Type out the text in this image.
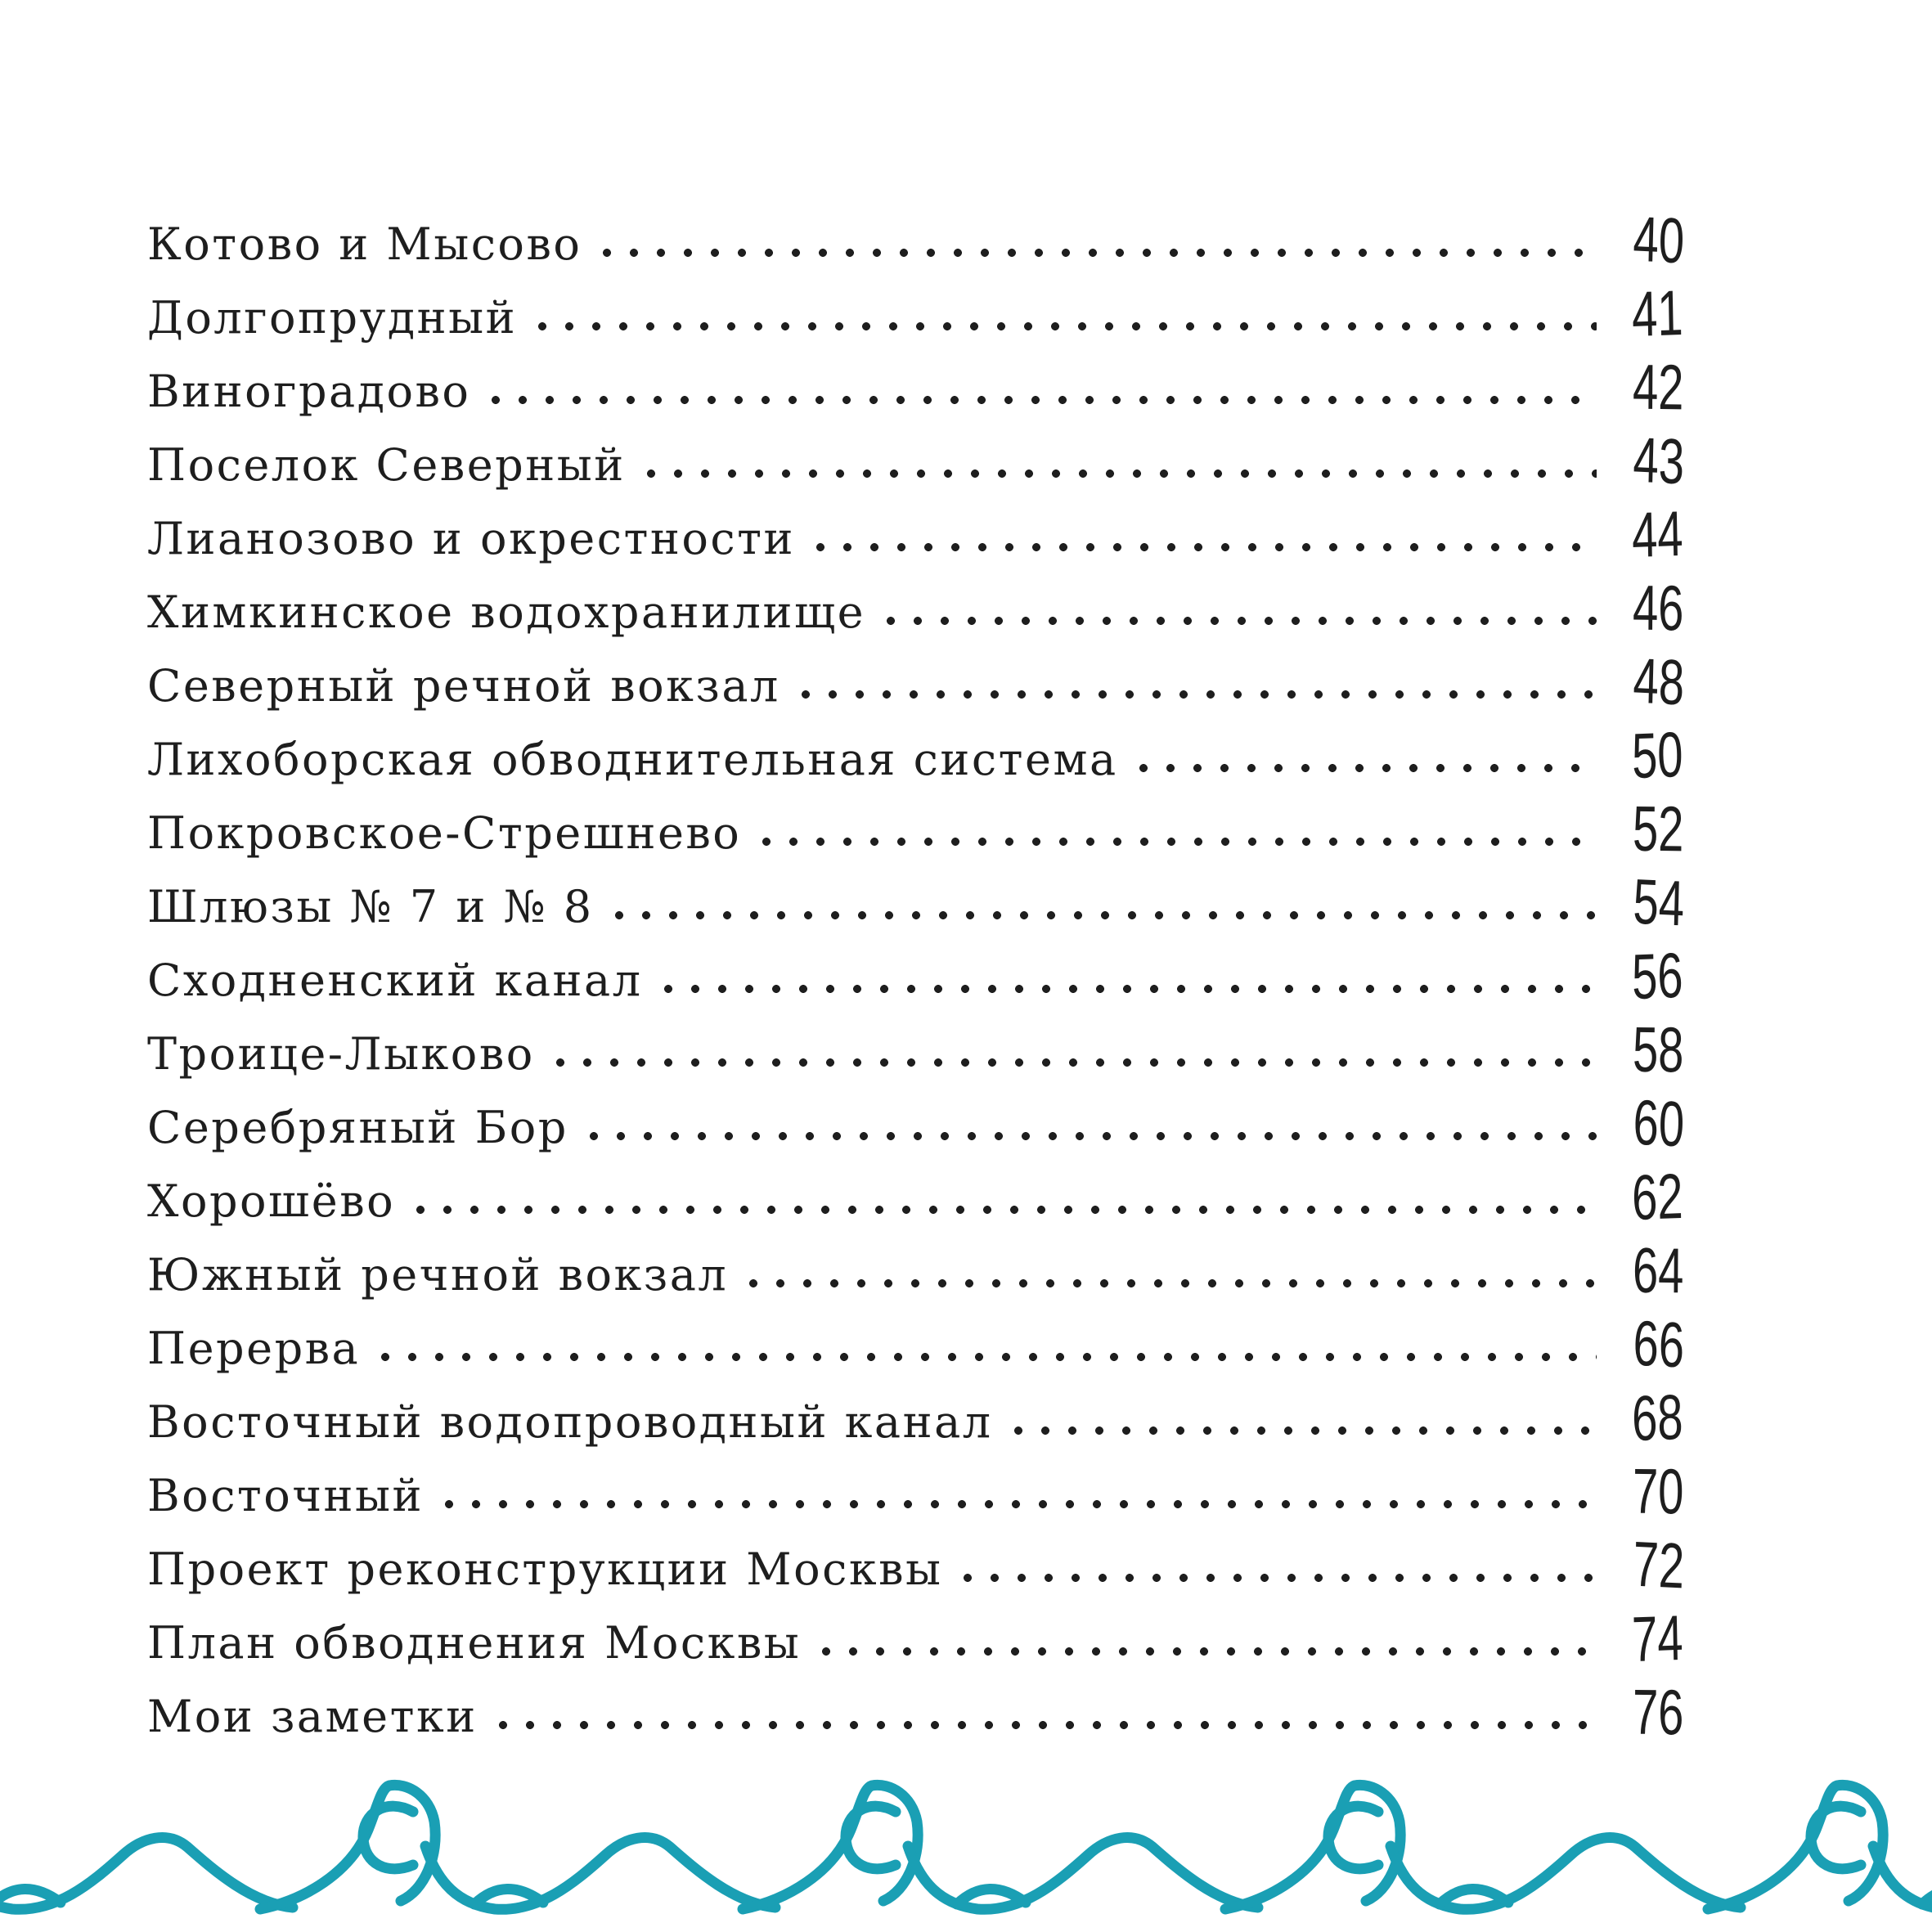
Котово и Мысово	40
Долгопрудный	41
Виноградово	42
Поселок Северный	43
Лианозово и окрестности	44
Химкинское водохранилище	46
Северный речной вокзал	48
Лихоборская обводнительная система	50
Покровское-Стрешнево	52
Шлюзы № 7 и № 8	54
Сходненский канал	56
Троице-Лыково	58
Серебряный Бор	60
Хорошёво	62
Южный речной вокзал	64
Перерва	66
Восточный водопроводный канал	68
Восточный	70
Проект реконструкции Москвы	72
План обводнения Москвы	74
Мои заметки	76
